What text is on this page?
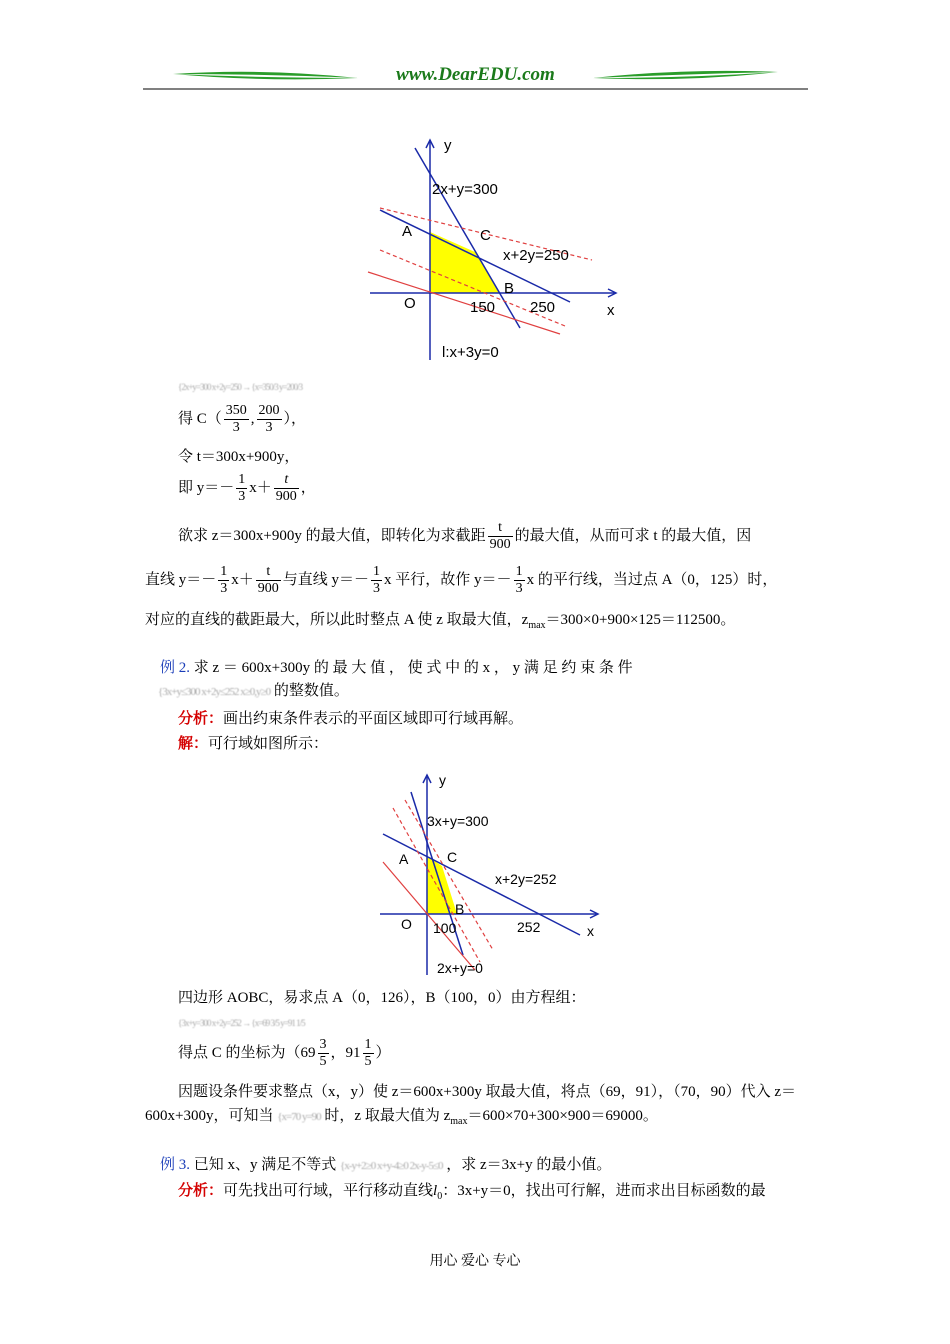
www.DearEDU.com
y
x
2x+y=300
x+2y=250
l:x+3y=0
A	C
B
O	150 250
{2x+y=300 x+2y=250 → {x=350/3 y=200/3
得 $C( \frac{350}{3}$ , $\frac{200}{3}$ ），
令 t＝300x+900y，
即 $y=- \frac{1}{3} x+ \frac{t}{900}$ ，
欲求 z＝300x+900y 的最大值，即转化为求截距 $\frac{t}{900}$ 的最大值，从而可求 t 的最大值，因
直线 $y=- \frac{1}{3} x+ \frac{t}{900}$ 与直线 $y=- \frac{1}{3}$ x 平行，故作 $y=- \frac{1}{3}$ x 的平行线，当过点 A（0，125）时，
对应的直线的截距最大，所以此时整点 A 使 z 取最大值，$z_{max}=300\times 0+900\times 125=112500$。
例 2. 求 z ＝ 600x+300y 的 最 大 值 ， 使 式 中 的 x ， y 满 足 约 束 条 件
{3x+y≤300 x+2y≤252 x≥0,y≥0 的整数值。
分析：画出约束条件表示的平面区域即可行域再解。
解：可行域如图所示：
y
x
3x+y=300
x+2y=252
2x+y=0
A	C
B
O 100	252
四边形 AOBC，易求点 A（0，126），B（100，0）由方程组：
{3x+y=300 x+2y=252 → {x=69 3/5 y=91 1/5
得点 C 的坐标为（$69 \frac{3}{5}$ ，$91 \frac{1}{5}$ ）
因题设条件要求整点（x，y）使 z＝600x+300y 取最大值，将点（69，91），（70，90）代入 z＝
600x+300y，可知当 {x=70 y=90 时，z 取最大值为 $z_{max}=600\times 70+300\times 900=69000$。
例 3. 已知 x、y 满足不等式 {x-y+2≥0 x+y-4≥0 2x-y-5≤0 ，求 z＝3x+y 的最小值。
分析：可先找出可行域，平行移动直线$l_0$：3x+y＝0，找出可行解，进而求出目标函数的最
用心 爱心 专心
